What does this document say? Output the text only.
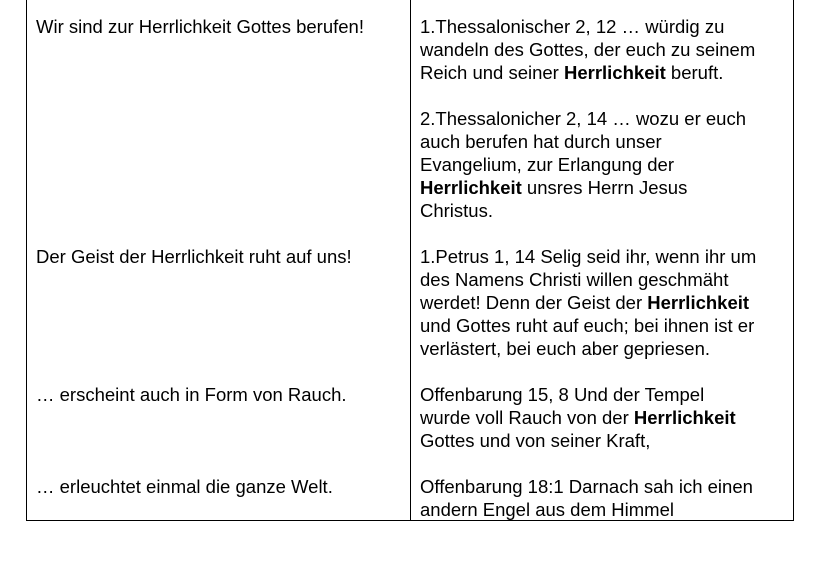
Wir sind zur Herrlichkeit Gottes berufen!	1.Thessalonischer 2, 12 … würdig zu
wandeln des Gottes, der euch zu seinem
Reich und seiner Herrlichkeit beruft.
2.Thessalonicher 2, 14 … wozu er euch
auch berufen hat durch unser
Evangelium, zur Erlangung der
Herrlichkeit unsres Herrn Jesus
Christus.
Der Geist der Herrlichkeit ruht auf uns!	1.Petrus 1, 14 Selig seid ihr, wenn ihr um
des Namens Christi willen geschmäht
werdet! Denn der Geist der Herrlichkeit
und Gottes ruht auf euch; bei ihnen ist er
verlästert, bei euch aber gepriesen.
… erscheint auch in Form von Rauch.	Offenbarung 15, 8 Und der Tempel
wurde voll Rauch von der Herrlichkeit
Gottes und von seiner Kraft,
… erleuchtet einmal die ganze Welt.	Offenbarung 18:1 Darnach sah ich einen
andern Engel aus dem Himmel
